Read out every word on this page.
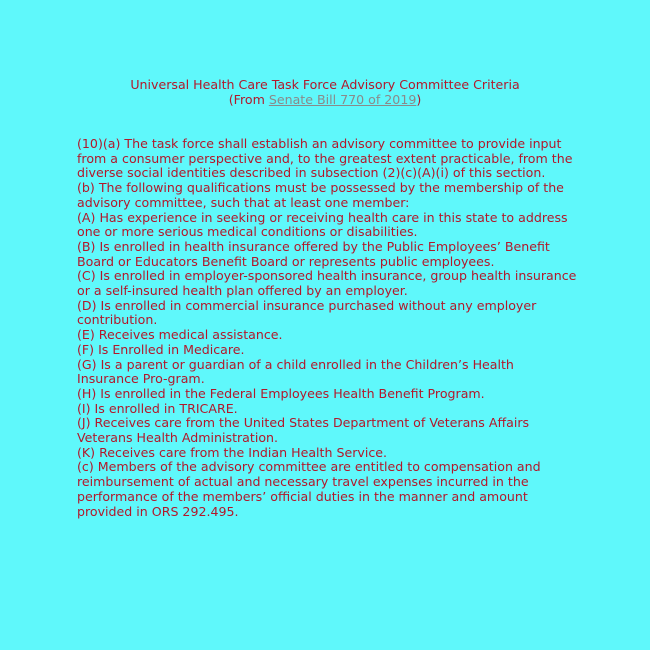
Universal Health Care Task Force Advisory Committee Criteria
(From Senate Bill 770 of 2019)

(10)(a) The task force shall establish an advisory committee to provide input from a consumer perspective and, to the greatest extent practicable, from the diverse social identities described in subsection (2)(c)(A)(i) of this section.

(b) The following qualifications must be possessed by the membership of the advisory committee, such that at least one member:

(A) Has experience in seeking or receiving health care in this state to address one or more serious medical conditions or disabilities.

(B) Is enrolled in health insurance offered by the Public Employees’ Benefit Board or Educators Benefit Board or represents public employees.

(C) Is enrolled in employer-sponsored health insurance, group health insurance or a self-insured health plan offered by an employer.

(D) Is enrolled in commercial insurance purchased without any employer contribution.

(E) Receives medical assistance.

(F) Is Enrolled in Medicare.

(G) Is a parent or guardian of a child enrolled in the Children’s Health Insurance Pro-gram.

(H) Is enrolled in the Federal Employees Health Benefit Program.

(I) Is enrolled in TRICARE.

(J) Receives care from the United States Department of Veterans Affairs Veterans Health Administration.

(K) Receives care from the Indian Health Service.

(c) Members of the advisory committee are entitled to compensation and reimbursement of actual and necessary travel expenses incurred in the performance of the members’ official duties in the manner and amount provided in ORS 292.495.
